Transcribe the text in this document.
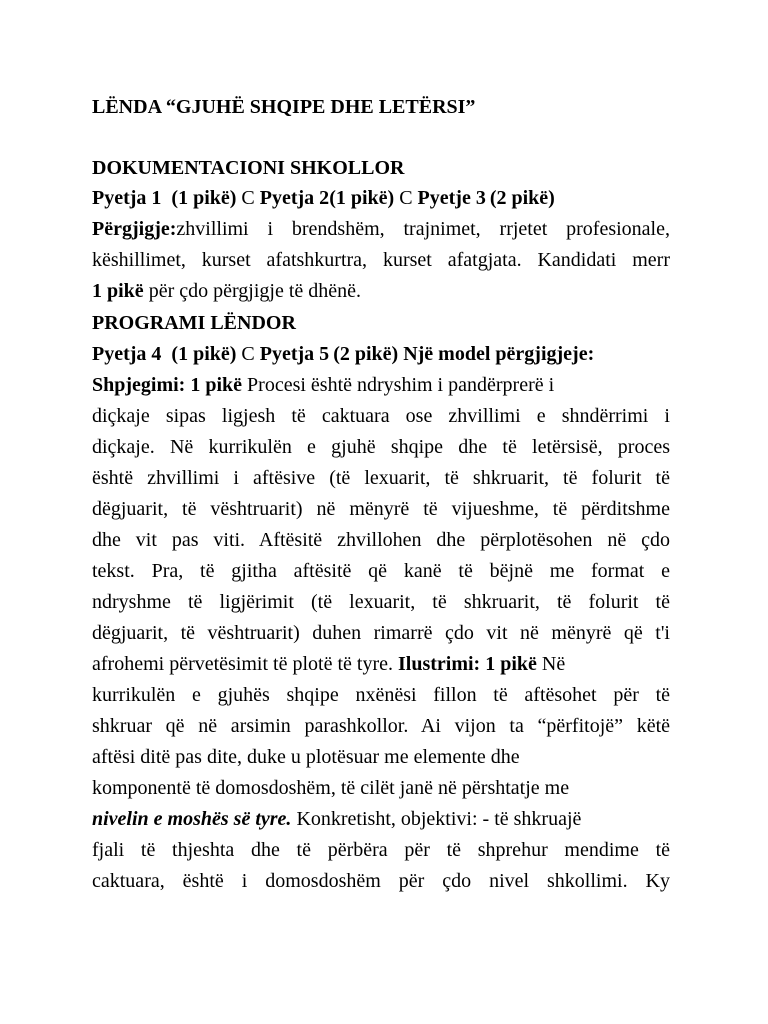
LËNDA “GJUHË SHQIPE DHE LETËRSI”
DOKUMENTACIONI SHKOLLOR
Pyetja 1 (1 pikë) C Pyetja 2(1 pikë) C Pyetje 3  (2 pikë)
Përgjigje:zhvillimi i brendshëm, trajnimet, rrjetet profesionale,
këshillimet, kurset afatshkurtra, kurset afatgjata. Kandidati merr
1 pikë për çdo përgjigje të dhënë.
PROGRAMI LËNDOR
Pyetja 4 (1 pikë) C Pyetja 5  (2 pikë) Një model përgjigjeje:
Shpjegimi: 1 pikë Procesi është ndryshim i pandërprerë i
diçkaje sipas ligjesh të caktuara ose zhvillimi e shndërrimi i
diçkaje. Në kurrikulën e gjuhë shqipe dhe të letërsisë, proces
është zhvillimi i aftësive (të lexuarit, të shkruarit, të folurit të
dëgjuarit, të vështruarit) në mënyrë të vijueshme, të përditshme
dhe vit pas viti. Aftësitë zhvillohen dhe përplotësohen në çdo
tekst. Pra, të gjitha aftësitë që kanë të bëjnë me format e
ndryshme të ligjërimit (të lexuarit, të shkruarit, të folurit të
dëgjuarit, të vështruarit) duhen rimarrë çdo vit në mënyrë që t'i
afrohemi përvetësimit të plotë të tyre. Ilustrimi: 1 pikë Në
kurrikulën e gjuhës shqipe nxënësi fillon të aftësohet për të
shkruar që në arsimin parashkollor. Ai vijon ta “përfitojë” këtë
aftësi ditë pas dite, duke u plotësuar me elemente dhe
komponentë të domosdoshëm, të cilët janë në përshtatje me
nivelin e moshës së tyre. Konkretisht, objektivi: - të shkruajë
fjali të thjeshta dhe të përbëra për të shprehur mendime të
caktuara, është i domosdoshëm për çdo nivel shkollimi. Ky
